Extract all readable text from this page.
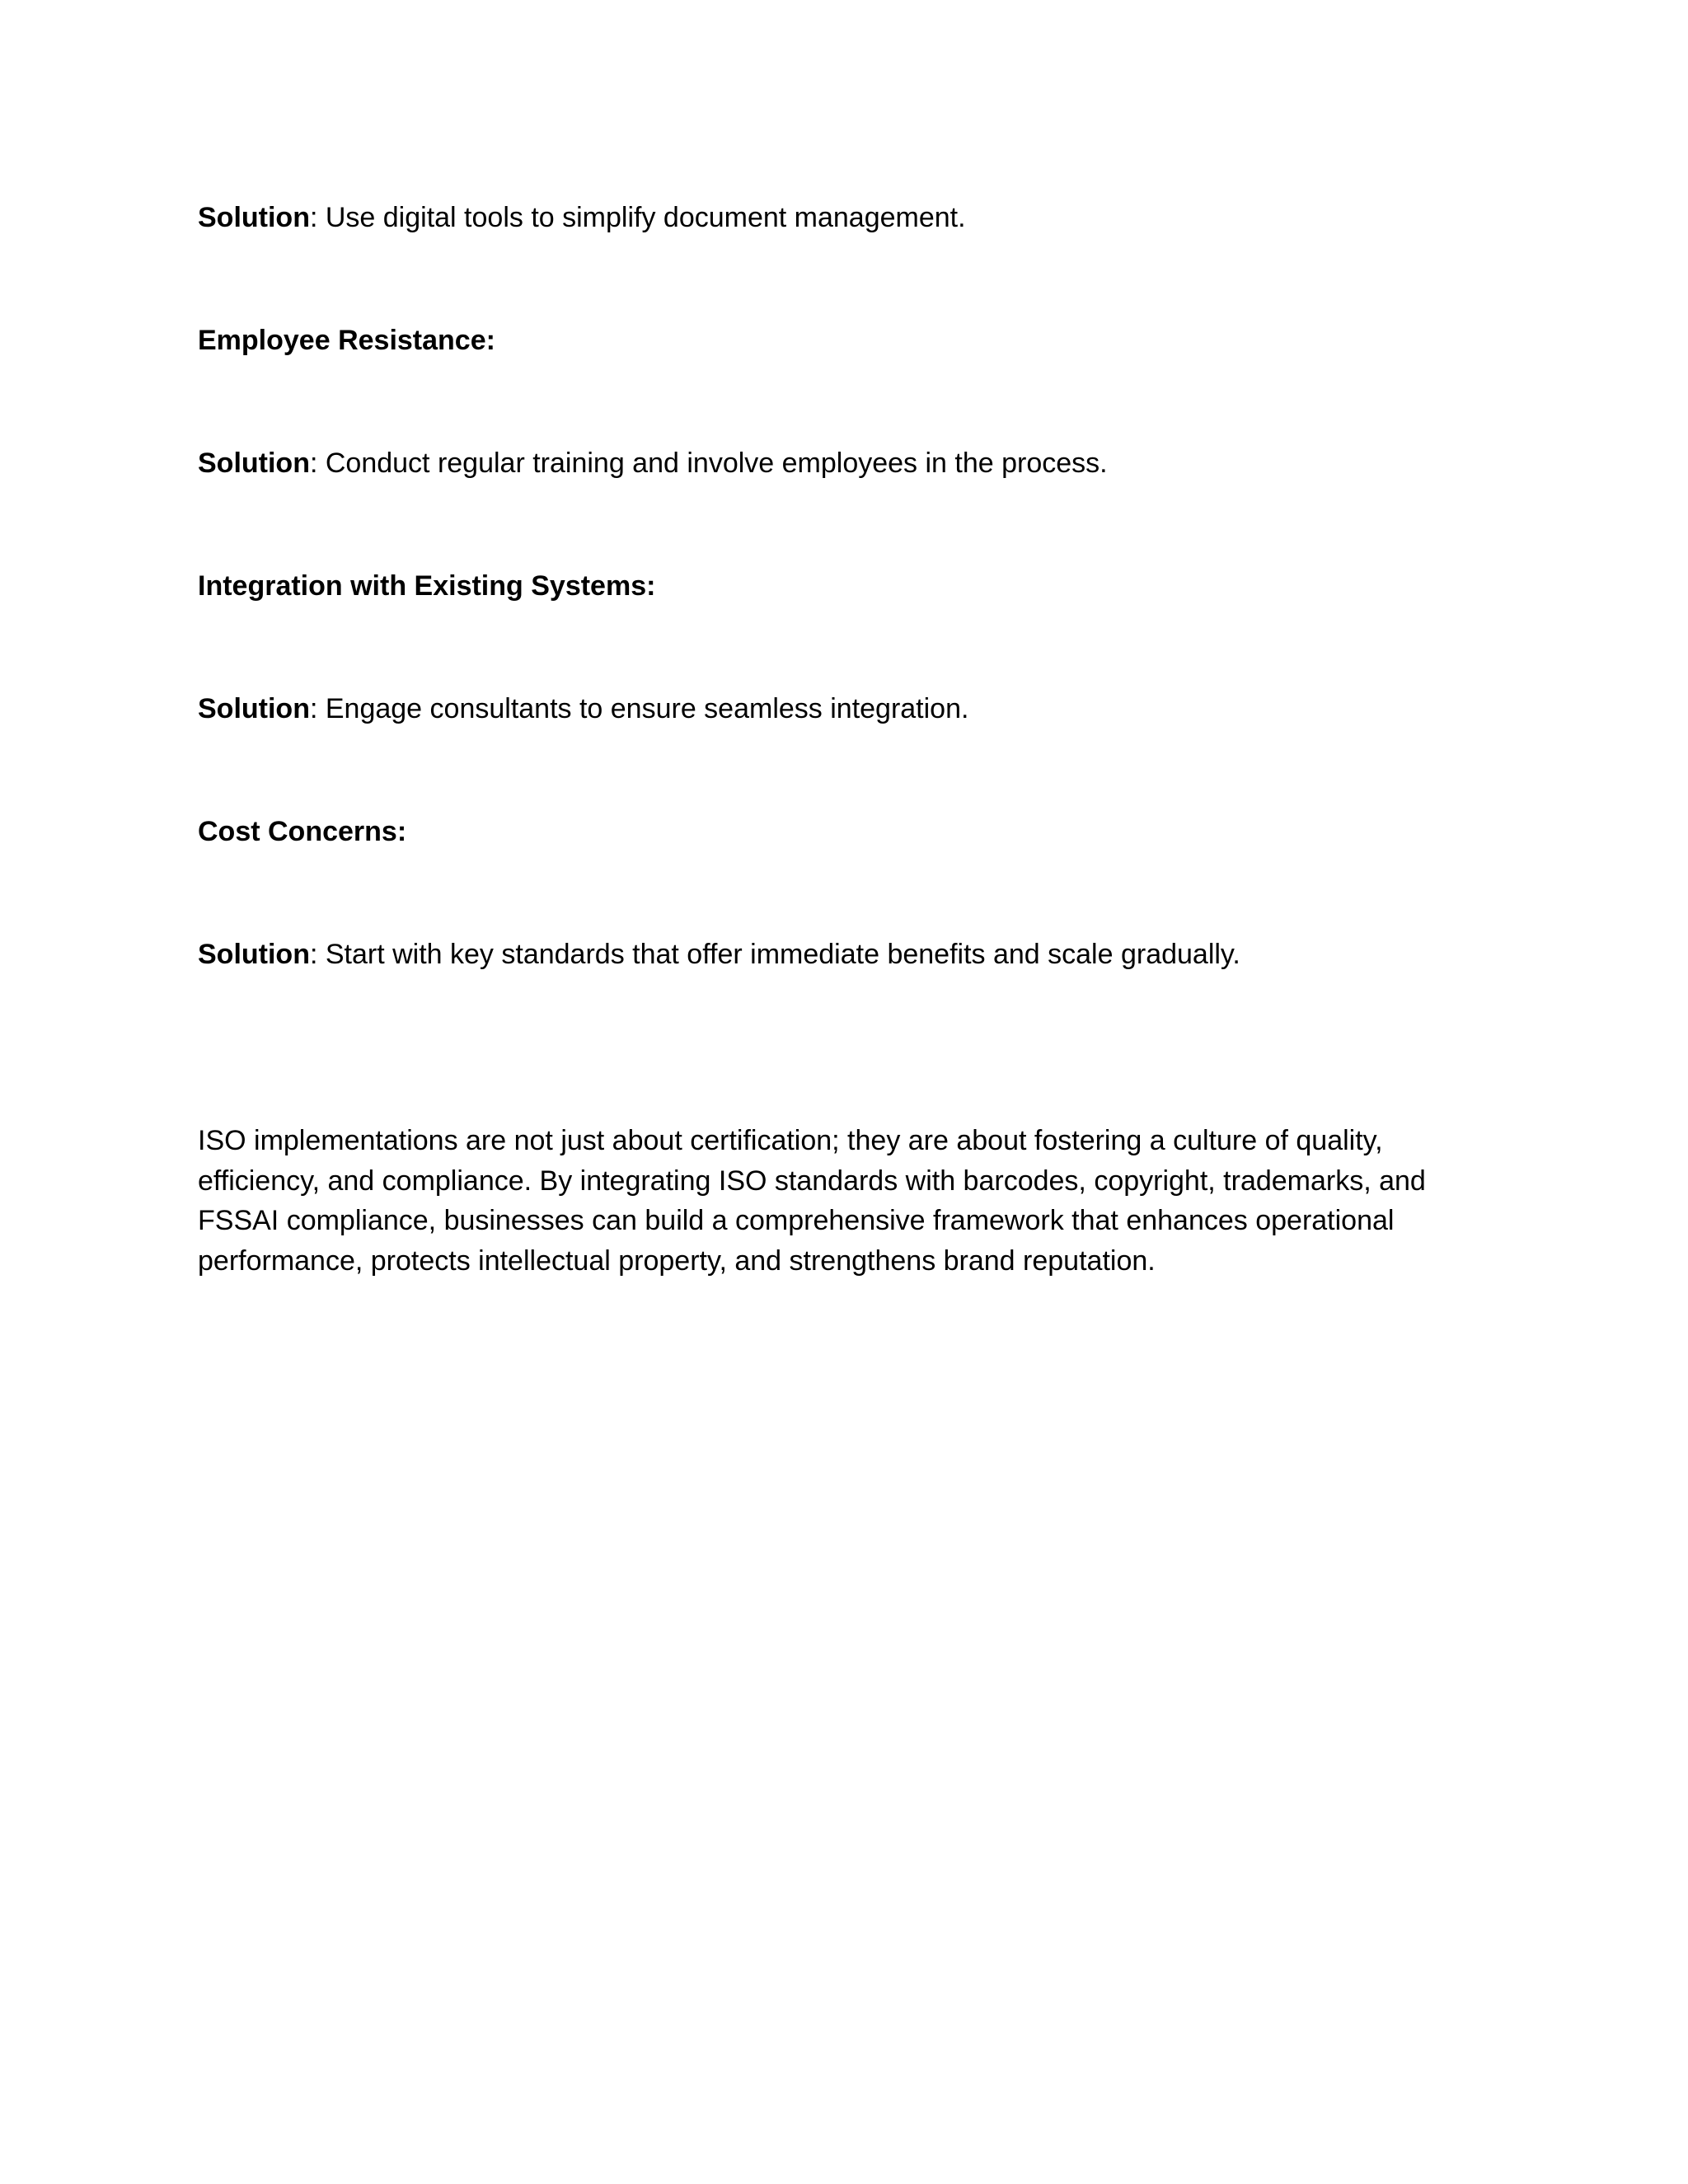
Solution: Use digital tools to simplify document management.
Employee Resistance:
Solution: Conduct regular training and involve employees in the process.
Integration with Existing Systems:
Solution: Engage consultants to ensure seamless integration.
Cost Concerns:
Solution: Start with key standards that offer immediate benefits and scale gradually.
ISO implementations are not just about certification; they are about fostering a culture of quality, efficiency, and compliance. By integrating ISO standards with barcodes, copyright, trademarks, and FSSAI compliance, businesses can build a comprehensive framework that enhances operational performance, protects intellectual property, and strengthens brand reputation.
